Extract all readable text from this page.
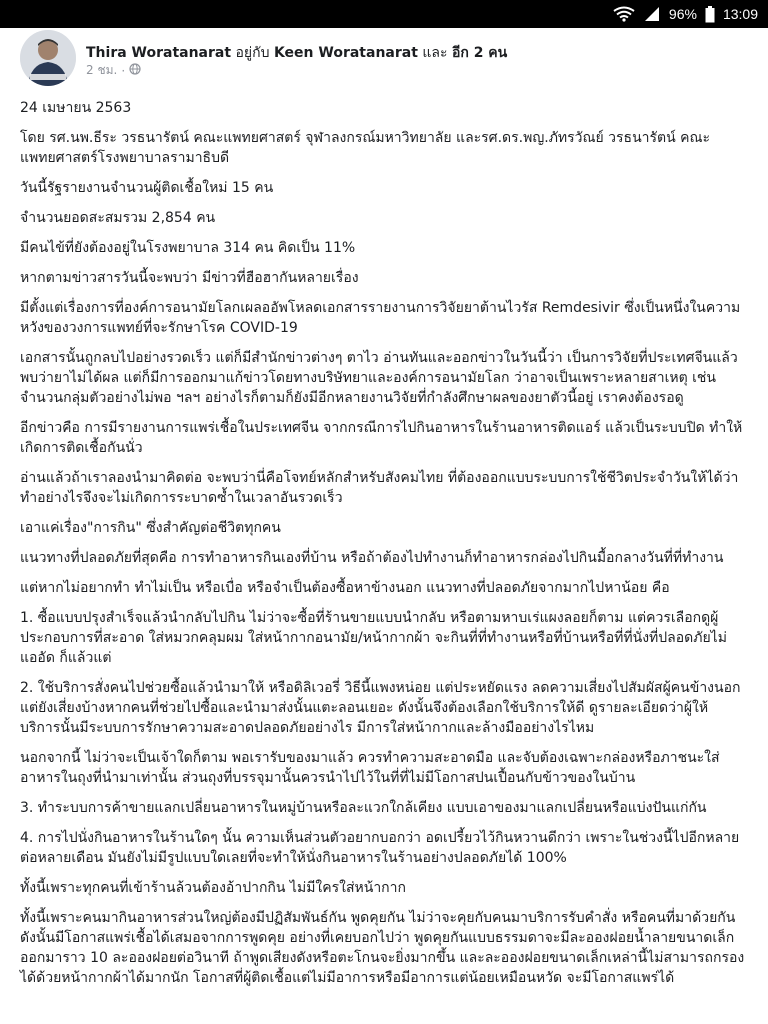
96% 13:09
Thira Woratanarat อยู่กับ Keen Woratanarat และ อีก 2 คน
2 ชม. ·

24 เมษายน 2563

โดย รศ.นพ.ธีระ วรธนารัตน์ คณะแพทยศาสตร์ จุฬาลงกรณ์มหาวิทยาลัย และรศ.ดร.พญ.ภัทรวัณย์ วรธนารัตน์ คณะแพทยศาสตร์โรงพยาบาลรามาธิบดี

วันนี้รัฐรายงานจำนวนผู้ติดเชื้อใหม่ 15 คน

จำนวนยอดสะสมรวม 2,854 คน

มีคนไข้ที่ยังต้องอยู่ในโรงพยาบาล 314 คน คิดเป็น 11%

หากตามข่าวสารวันนี้จะพบว่า มีข่าวที่ฮือฮากันหลายเรื่อง

มีตั้งแต่เรื่องการที่องค์การอนามัยโลกเผลออัพโหลดเอกสารรายงานการวิจัยยาต้านไวรัส Remdesivir ซึ่งเป็นหนึ่งในความหวังของวงการแพทย์ที่จะรักษาโรค COVID-19

เอกสารนั้นถูกลบไปอย่างรวดเร็ว แต่ก็มีสำนักข่าวต่างๆ ตาไว อ่านทันและออกข่าวในวันนี้ว่า เป็นการวิจัยที่ประเทศจีนแล้วพบว่ายาไม่ได้ผล แต่ก็มีการออกมาแก้ข่าวโดยทางบริษัทยาและองค์การอนามัยโลก ว่าอาจเป็นเพราะหลายสาเหตุ เช่น จำนวนกลุ่มตัวอย่างไม่พอ ฯลฯ อย่างไรก็ตามก็ยังมีอีกหลายงานวิจัยที่กำลังศึกษาผลของยาตัวนี้อยู่ เราคงต้องรอดู

อีกข่าวคือ การมีรายงานการแพร่เชื้อในประเทศจีน จากกรณีการไปกินอาหารในร้านอาหารติดแอร์ แล้วเป็นระบบปิด ทำให้เกิดการติดเชื้อกันนั่ว

อ่านแล้วถ้าเราลองนำมาคิดต่อ จะพบว่านี่คือโจทย์หลักสำหรับสังคมไทย ที่ต้องออกแบบระบบการใช้ชีวิตประจำวันให้ได้ว่า ทำอย่างไรจึงจะไม่เกิดการระบาดซ้ำในเวลาอันรวดเร็ว

เอาแค่เรื่อง"การกิน" ซึ่งสำคัญต่อชีวิตทุกคน

แนวทางที่ปลอดภัยที่สุดคือ การทำอาหารกินเองที่บ้าน หรือถ้าต้องไปทำงานก็ทำอาหารกล่องไปกินมื้อกลางวันที่ที่ทำงาน

แต่หากไม่อยากทำ ทำไม่เป็น หรือเบื่อ หรือจำเป็นต้องซื้อหาข้างนอก แนวทางที่ปลอดภัยจากมากไปหาน้อย คือ

1. ซื้อแบบปรุงสำเร็จแล้วนำกลับไปกิน ไม่ว่าจะซื้อที่ร้านขายแบบนำกลับ หรือตามหาบเร่แผงลอยก็ตาม แต่ควรเลือกดูผู้ประกอบการที่สะอาด ใส่หมวกคลุมผม ใส่หน้ากากอนามัย/หน้ากากผ้า จะกินที่ที่ทำงานหรือที่บ้านหรือที่ที่นั่งที่ปลอดภัยไม่แออัด ก็แล้วแต่

2. ใช้บริการสั่งคนไปช่วยซื้อแล้วนำมาให้ หรือดิลิเวอรี่ วิธีนี้แพงหน่อย แต่ประหยัดแรง ลดความเสี่ยงไปสัมผัสผู้คนข้างนอก แต่ยังเสี่ยงบ้างหากคนที่ช่วยไปซื้อและนำมาส่งนั้นแตะลอนเยอะ ดังนั้นจึงต้องเลือกใช้บริการให้ดี ดูรายละเอียดว่าผู้ให้บริการนั้นมีระบบการรักษาความสะอาดปลอดภัยอย่างไร มีการใส่หน้ากากและล้างมืออย่างไรไหม

นอกจากนี้ ไม่ว่าจะเป็นเจ้าใดก็ตาม พอเรารับของมาแล้ว ควรทำความสะอาดมือ และจับต้องเฉพาะกล่องหรือภาชนะใส่อาหารในถุงที่นำมาเท่านั้น ส่วนถุงที่บรรจุมานั้นควรนำไปไว้ในที่ที่ไม่มีโอกาสปนเปื้อนกับข้าวของในบ้าน

3. ทำระบบการค้าขายแลกเปลี่ยนอาหารในหมู่บ้านหรือละแวกใกล้เคียง แบบเอาของมาแลกเปลี่ยนหรือแบ่งปันแก่กัน

4. การไปนั่งกินอาหารในร้านใดๆ นั้น ความเห็นส่วนตัวอยากบอกว่า อดเปรี้ยวไว้กินหวานดีกว่า เพราะในช่วงนี้ไปอีกหลายต่อหลายเดือน มันยังไม่มีรูปแบบใดเลยที่จะทำให้นั่งกินอาหารในร้านอย่างปลอดภัยได้ 100%

ทั้งนี้เพราะทุกคนที่เข้าร้านล้วนต้องอ้าปากกิน ไม่มีใครใส่หน้ากาก

ทั้งนี้เพราะคนมากินอาหารส่วนใหญ่ต้องมีปฏิสัมพันธ์กัน พูดคุยกัน ไม่ว่าจะคุยกับคนมาบริการรับคำสั่ง หรือคนที่มาด้วยกัน ดังนั้นมีโอกาสแพร่เชื้อได้เสมอจากการพูดคุย อย่างที่เคยบอกไปว่า พูดคุยกันแบบธรรมดาจะมีละอองฝอยน้ำลายขนาดเล็กออกมาราว 10 ละอองฝอยต่อวินาที ถ้าพูดเสียงดังหรือตะโกนจะยิ่งมากขึ้น และละอองฝอยขนาดเล็กเหล่านี้ไม่สามารถกรองได้ด้วยหน้ากากผ้าได้มากนัก โอกาสที่ผู้ติดเชื้อแต่ไม่มีอาการหรือมีอาการแต่น้อยเหมือนหวัด จะมีโอกาสแพร่ได้
